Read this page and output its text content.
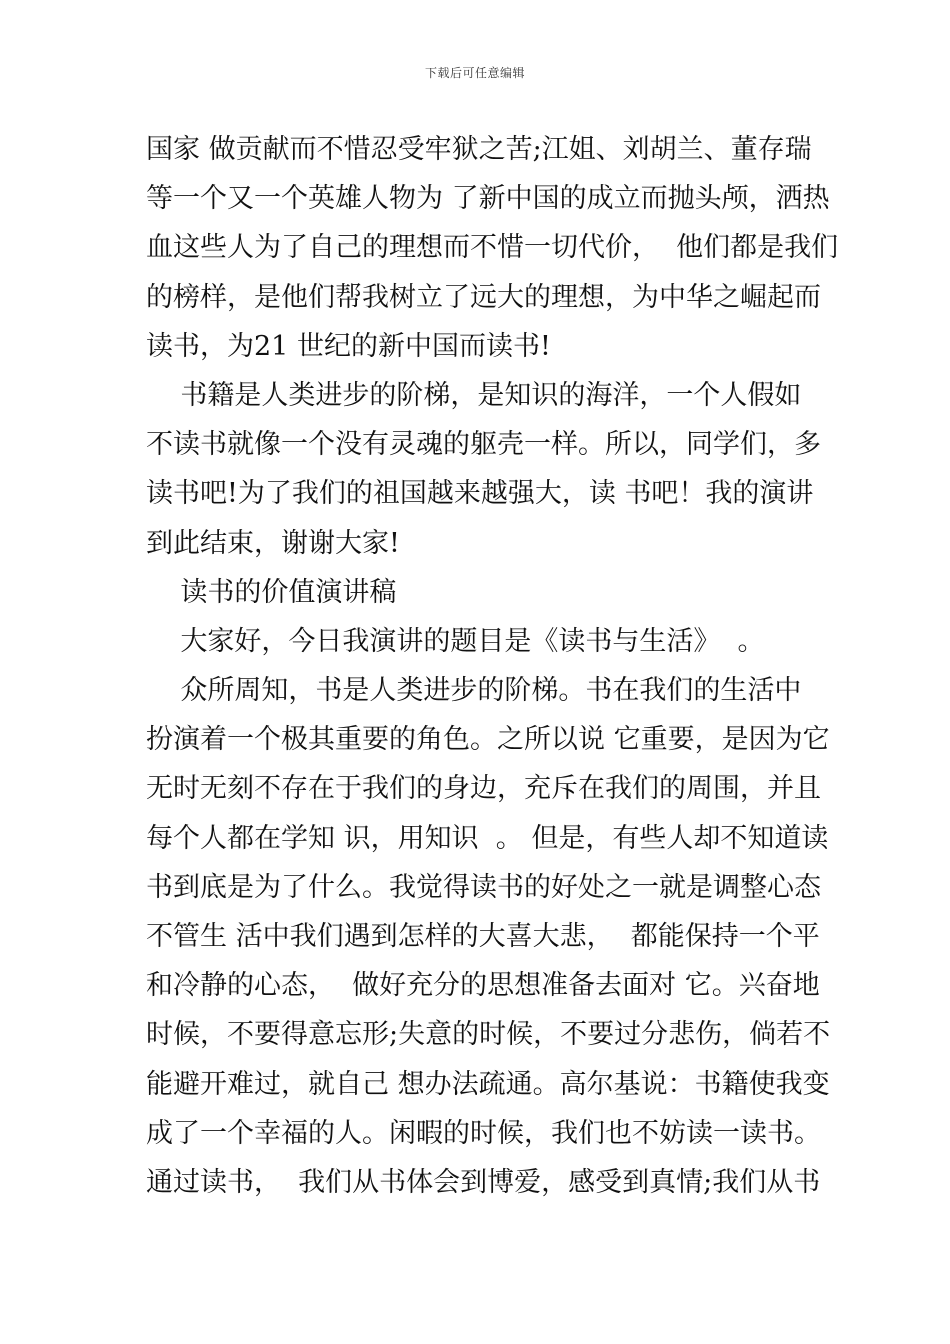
下载后可任意编辑
国家 做贡献而不惜忍受牢狱之苦;江姐、刘胡兰、董存瑞
等一个又一个英雄人物为 了新中国的成立而抛头颅，洒热
血这些人为了自己的理想而不惜一切代价，  他们都是我们
的榜样，是他们帮我树立了远大的理想，为中华之崛起而
读书，为21 世纪的新中国而读书!
书籍是人类进步的阶梯，是知识的海洋，一个人假如
不读书就像一个没有灵魂的躯壳一样。所以，同学们，多
读书吧!为了我们的祖国越来越强大，读 书吧！我的演讲
到此结束，谢谢大家!
读书的价值演讲稿
大家好，今日我演讲的题目是《读书与生活》  。
众所周知，书是人类进步的阶梯。书在我们的生活中
扮演着一个极其重要的角色。之所以说 它重要，是因为它
无时无刻不存在于我们的身边，充斥在我们的周围，并且
每个人都在学知 识，用知识  。 但是，有些人却不知道读
书到底是为了什么。我觉得读书的好处之一就是调整心态
不管生 活中我们遇到怎样的大喜大悲，  都能保持一个平
和冷静的心态，  做好充分的思想准备去面对 它。兴奋地
时候，不要得意忘形;失意的时候，不要过分悲伤，倘若不
能避开难过，就自己 想办法疏通。高尔基说：书籍使我变
成了一个幸福的人。闲暇的时候，我们也不妨读一读书。
通过读书，  我们从书体会到博爱，感受到真情;我们从书
